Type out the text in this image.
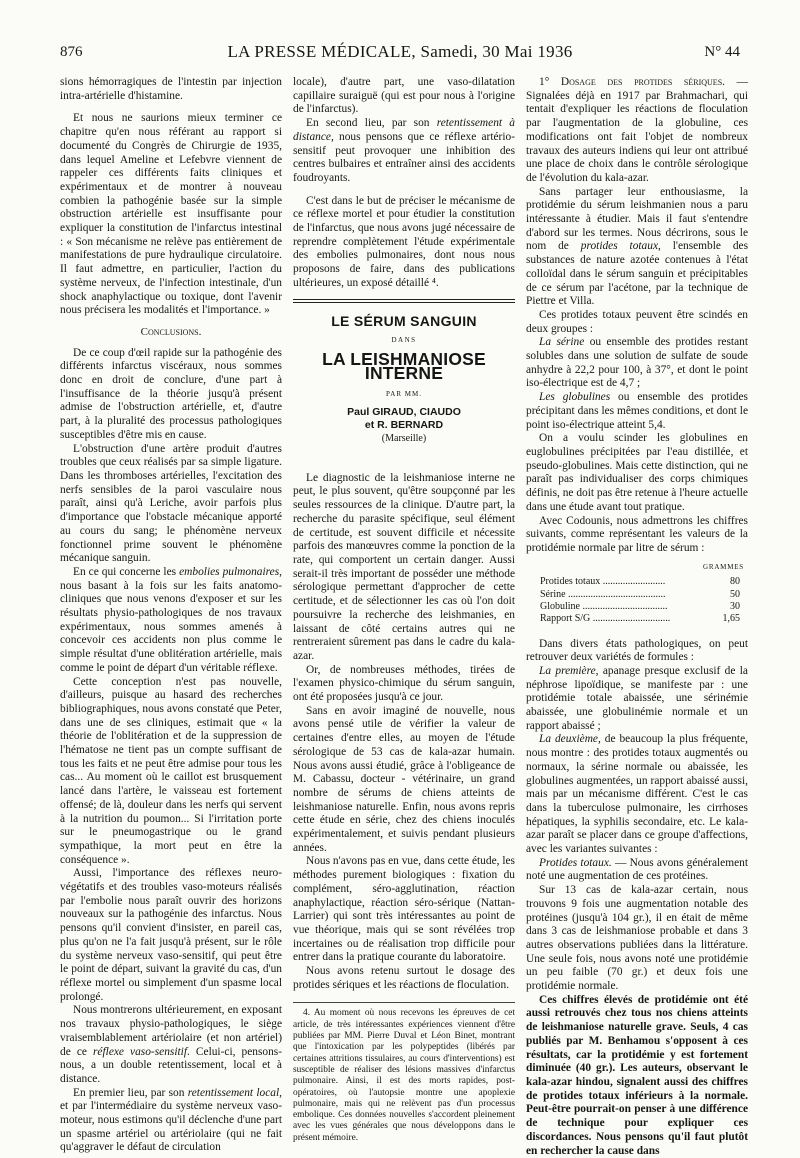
876	LA PRESSE MÉDICALE, Samedi, 30 Mai 1936	N° 44

sions hémorragiques de l'intestin par injection intra-artérielle d'histamine.

Et nous ne saurions mieux terminer ce chapitre qu'en nous référant au rapport si documenté du Congrès de Chirurgie de 1935, dans lequel Ameline et Lefebvre viennent de rappeler ces différents faits cliniques et expérimentaux et de montrer à nouveau combien la pathogénie basée sur la simple obstruction artérielle est insuffisante pour expliquer la constitution de l'infarctus intestinal : « Son mécanisme ne relève pas entièrement de manifestations de pure hydraulique circulatoire. Il faut admettre, en particulier, l'action du système nerveux, de l'infection intestinale, d'un shock anaphylactique ou toxique, dont l'avenir nous précisera les modalités et l'importance. »

Conclusions.

De ce coup d'œil rapide sur la pathogénie des différents infarctus viscéraux, nous sommes donc en droit de conclure, d'une part à l'insuffisance de la théorie jusqu'à présent admise de l'obstruction artérielle, et, d'autre part, à la pluralité des processus pathologiques susceptibles d'être mis en cause.

L'obstruction d'une artère produit d'autres troubles que ceux réalisés par sa simple ligature. Dans les thromboses artérielles, l'excitation des nerfs sensibles de la paroi vasculaire nous paraît, ainsi qu'à Leriche, avoir parfois plus d'importance que l'obstacle mécanique apporté au cours du sang; le phénomène nerveux fonctionnel prime souvent le phénomène mécanique sanguin.

En ce qui concerne les embolies pulmonaires, nous basant à la fois sur les faits anatomo-cliniques que nous venons d'exposer et sur les résultats physio-pathologiques de nos travaux expérimentaux, nous sommes amenés à concevoir ces accidents non plus comme le simple résultat d'une oblitération artérielle, mais comme le point de départ d'un véritable réflexe.

Cette conception n'est pas nouvelle, d'ailleurs, puisque au hasard des recherches bibliographiques, nous avons constaté que Peter, dans une de ses cliniques, estimait que « la théorie de l'oblitération et de la suppression de l'hématose ne tient pas un compte suffisant de tous les faits et ne peut être admise pour tous les cas... Au moment où le caillot est brusquement lancé dans l'artère, le vaisseau est fortement offensé; de là, douleur dans les nerfs qui servent à la nutrition du poumon... Si l'irritation porte sur le pneumogastrique ou le grand sympathique, la mort peut en être la conséquence ».

Aussi, l'importance des réflexes neuro-végétatifs et des troubles vaso-moteurs réalisés par l'embolie nous paraît ouvrir des horizons nouveaux sur la pathogénie des infarctus. Nous pensons qu'il convient d'insister, en pareil cas, plus qu'on ne l'a fait jusqu'à présent, sur le rôle du système nerveux vaso-sensitif, qui peut être le point de départ, suivant la gravité du cas, d'un réflexe mortel ou simplement d'un spasme local prolongé.

Nous montrerons ultérieurement, en exposant nos travaux physio-pathologiques, le siège vraisemblablement artériolaire (et non artériel) de ce réflexe vaso-sensitif. Celui-ci, pensons-nous, a un double retentissement, local et à distance.

En premier lieu, par son retentissement local, et par l'intermédiaire du système nerveux vaso-moteur, nous estimons qu'il déclenche d'une part un spasme artériel ou artériolaire (qui ne fait qu'aggraver le défaut de circulation

locale), d'autre part, une vaso-dilatation capillaire suraiguë (qui est pour nous à l'origine de l'infarctus).

En second lieu, par son retentissement à distance, nous pensons que ce réflexe artério-sensitif peut provoquer une inhibition des centres bulbaires et entraîner ainsi des accidents foudroyants.

C'est dans le but de préciser le mécanisme de ce réflexe mortel et pour étudier la constitution de l'infarctus, que nous avons jugé nécessaire de reprendre complètement l'étude expérimentale des embolies pulmonaires, dont nous nous proposons de faire, dans des publications ultérieures, un exposé détaillé ⁴.

LE SÉRUM SANGUIN
DANS
LA LEISHMANIOSE INTERNE
PAR MM.
Paul GIRAUD, CIAUDO
et R. BERNARD
(Marseille)

Le diagnostic de la leishmaniose interne ne peut, le plus souvent, qu'être soupçonné par les seules ressources de la clinique. D'autre part, la recherche du parasite spécifique, seul élément de certitude, est souvent difficile et nécessite parfois des manœuvres comme la ponction de la rate, qui comportent un certain danger. Aussi serait-il très important de posséder une méthode sérologique permettant d'approcher de cette certitude, et de sélectionner les cas où l'on doit poursuivre la recherche des leishmanies, en laissant de côté certains autres qui ne rentreraient sûrement pas dans le cadre du kala-azar.

Or, de nombreuses méthodes, tirées de l'examen physico-chimique du sérum sanguin, ont été proposées jusqu'à ce jour.

Sans en avoir imaginé de nouvelle, nous avons pensé utile de vérifier la valeur de certaines d'entre elles, au moyen de l'étude sérologique de 53 cas de kala-azar humain. Nous avons aussi étudié, grâce à l'obligeance de M. Cabassu, docteur - vétérinaire, un grand nombre de sérums de chiens atteints de leishmaniose naturelle. Enfin, nous avons repris cette étude en série, chez des chiens inoculés expérimentalement, et suivis pendant plusieurs années.

Nous n'avons pas en vue, dans cette étude, les méthodes purement biologiques : fixation du complément, séro-agglutination, réaction anaphylactique, réaction séro-sérique (Nattan-Larrier) qui sont très intéressantes au point de vue théorique, mais qui se sont révélées trop incertaines ou de réalisation trop difficile pour entrer dans la pratique courante du laboratoire.

Nous avons retenu surtout le dosage des protides sériques et les réactions de floculation.

4. Au moment où nous recevons les épreuves de cet article, de très intéressantes expériences viennent d'être publiées par MM. Pierre Duval et Léon Binet, montrant que l'intoxication par les polypeptides (libérés par certaines attritions tissulaires, au cours d'interventions) est susceptible de réaliser des lésions massives d'infarctus pulmonaire. Ainsi, il est des morts rapides, post-opératoires, où l'autopsie montre une apoplexie pulmonaire, mais qui ne relèvent pas d'un processus embolique. Ces données nouvelles s'accordent pleinement avec les vues générales que nous développons dans le présent mémoire.

1° Dosage des protides sériques. — Signalées déjà en 1917 par Brahmachari, qui tentait d'expliquer les réactions de floculation par l'augmentation de la globuline, ces modifications ont fait l'objet de nombreux travaux des auteurs indiens qui leur ont attribué une place de choix dans le contrôle sérologique de l'évolution du kala-azar.

Sans partager leur enthousiasme, la protidémie du sérum leishmanien nous a paru intéressante à étudier. Mais il faut s'entendre d'abord sur les termes. Nous décrirons, sous le nom de protides totaux, l'ensemble des substances de nature azotée contenues à l'état colloïdal dans le sérum sanguin et précipitables de ce sérum par l'acétone, par la technique de Piettre et Villa.

Ces protides totaux peuvent être scindés en deux groupes :

La sérine ou ensemble des protides restant solubles dans une solution de sulfate de soude anhydre à 22,2 pour 100, à 37°, et dont le point iso-électrique est de 4,7 ;

Les globulines ou ensemble des protides précipitant dans les mêmes conditions, et dont le point iso-électrique atteint 5,4.

On a voulu scinder les globulines en euglobulines précipitées par l'eau distillée, et pseudo-globulines. Mais cette distinction, qui ne paraît pas individualiser des corps chimiques définis, ne doit pas être retenue à l'heure actuelle dans une étude avant tout pratique.

Avec Codounis, nous admettrons les chiffres suivants, comme représentant les valeurs de la protidémie normale par litre de sérum :

GRAMMES
Protides totaux .........................	80
Sérine .......................................	50
Globuline ..................................	30
Rapport S/G ...............................	1,65

Dans divers états pathologiques, on peut retrouver deux variétés de formules :

La première, apanage presque exclusif de la néphrose lipoïdique, se manifeste par : une protidémie totale abaissée, une sérinémie abaissée, une globulinémie normale et un rapport abaissé ;

La deuxième, de beaucoup la plus fréquente, nous montre : des protides totaux augmentés ou normaux, la sérine normale ou abaissée, les globulines augmentées, un rapport abaissé aussi, mais par un mécanisme différent. C'est le cas dans la tuberculose pulmonaire, les cirrhoses hépatiques, la syphilis secondaire, etc. Le kala-azar paraît se placer dans ce groupe d'affections, avec les variantes suivantes :

Protides totaux. — Nous avons généralement noté une augmentation de ces protéines.

Sur 13 cas de kala-azar certain, nous trouvons 9 fois une augmentation notable des protéines (jusqu'à 104 gr.), il en était de même dans 3 cas de leishmaniose probable et dans 3 autres observations publiées dans la littérature. Une seule fois, nous avons noté une protidémie un peu faible (70 gr.) et deux fois une protidémie normale.

Ces chiffres élevés de protidémie ont été aussi retrouvés chez tous nos chiens atteints de leishmaniose naturelle grave. Seuls, 4 cas publiés par M. Benhamou s'opposent à ces résultats, car la protidémie y est fortement diminuée (40 gr.). Les auteurs, observant le kala-azar hindou, signalent aussi des chiffres de protides totaux inférieurs à la normale. Peut-être pourrait-on penser à une différence de technique pour expliquer ces discordances. Nous pensons qu'il faut plutôt en rechercher la cause dans
